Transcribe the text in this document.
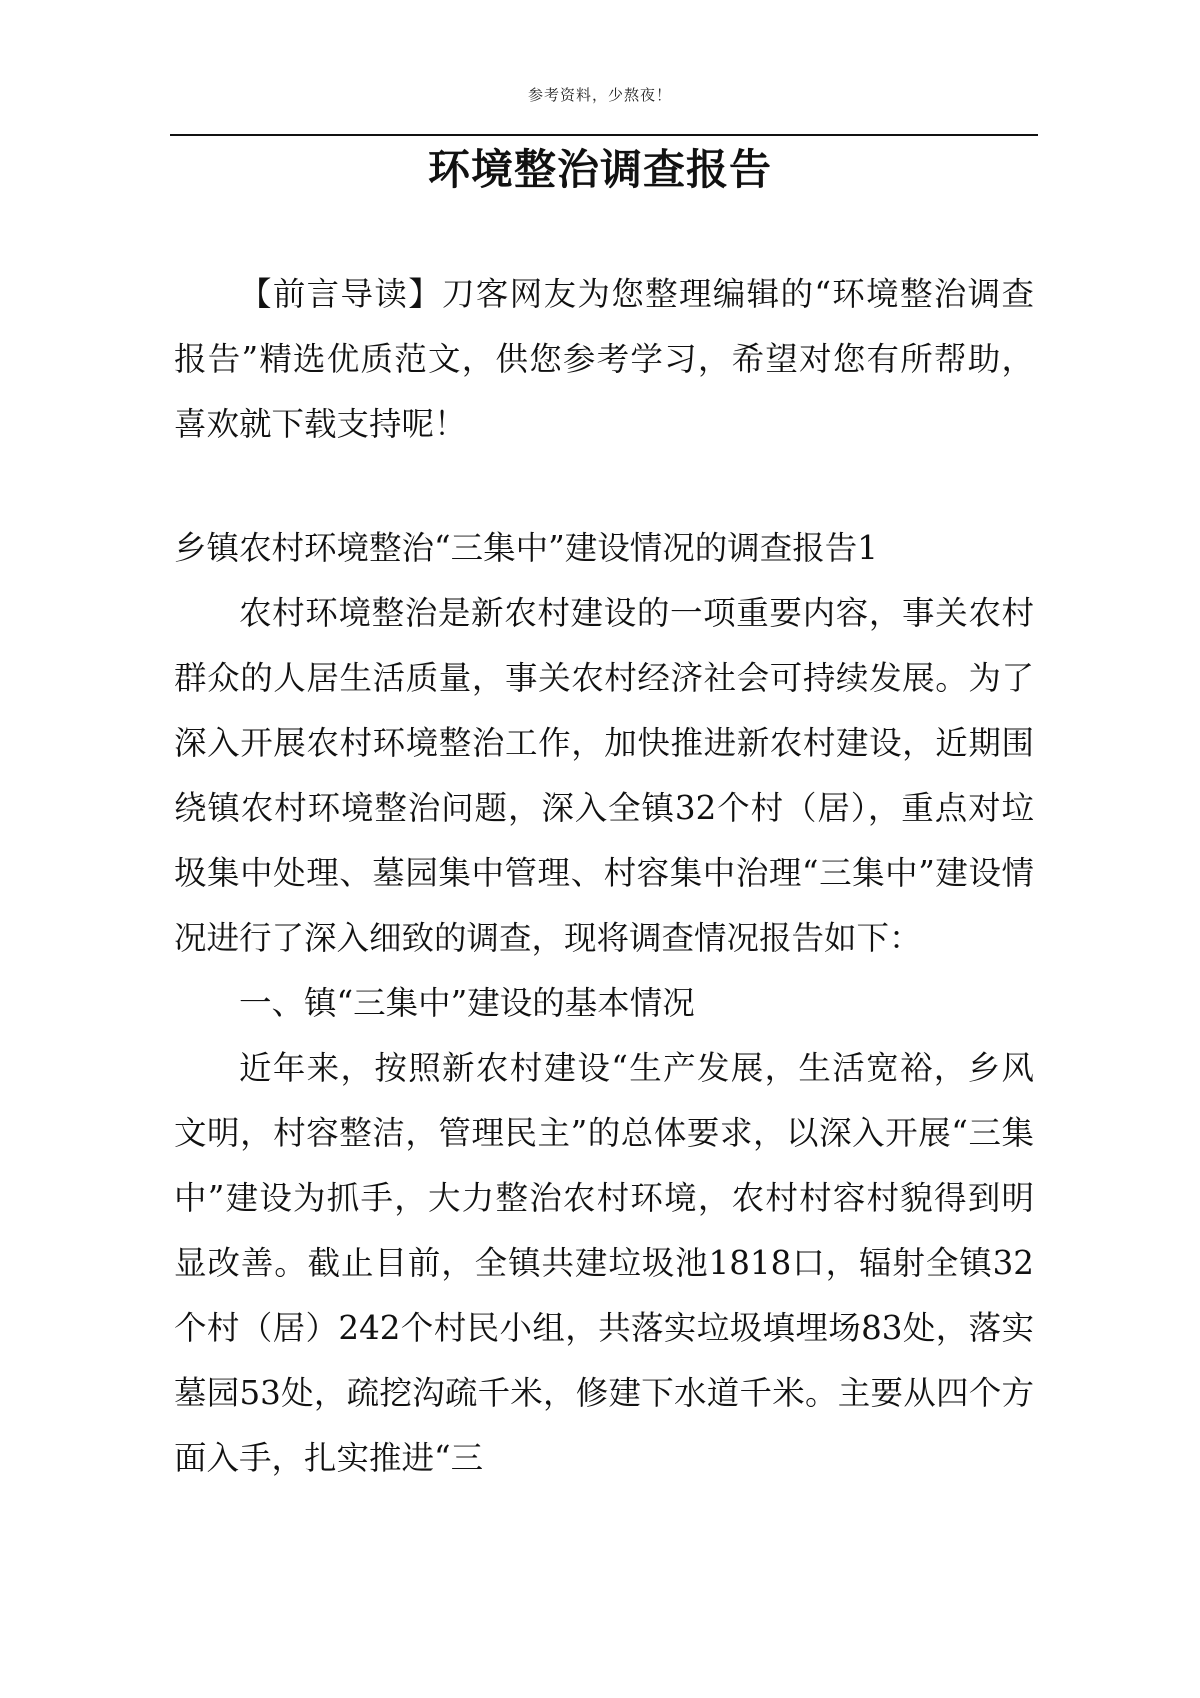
参考资料，少熬夜！
环境整治调查报告
【前言导读】刀客网友为您整理编辑的“环境整治调查报告”精选优质范文，供您参考学习，希望对您有所帮助，喜欢就下载支持呢！

乡镇农村环境整治“三集中”建设情况的调查报告1

农村环境整治是新农村建设的一项重要内容，事关农村群众的人居生活质量，事关农村经济社会可持续发展。为了深入开展农村环境整治工作，加快推进新农村建设，近期围绕镇农村环境整治问题，深入全镇32个村（居），重点对垃圾集中处理、墓园集中管理、村容集中治理“三集中”建设情况进行了深入细致的调查，现将调查情况报告如下：

一、镇“三集中”建设的基本情况

近年来，按照新农村建设“生产发展，生活宽裕，乡风文明，村容整洁，管理民主”的总体要求，以深入开展“三集中”建设为抓手，大力整治农村环境，农村村容村貌得到明显改善。截止目前，全镇共建垃圾池1818口，辐射全镇32个村（居）242个村民小组，共落实垃圾填埋场83处，落实墓园53处，疏挖沟疏千米，修建下水道千米。主要从四个方面入手，扎实推进“三
